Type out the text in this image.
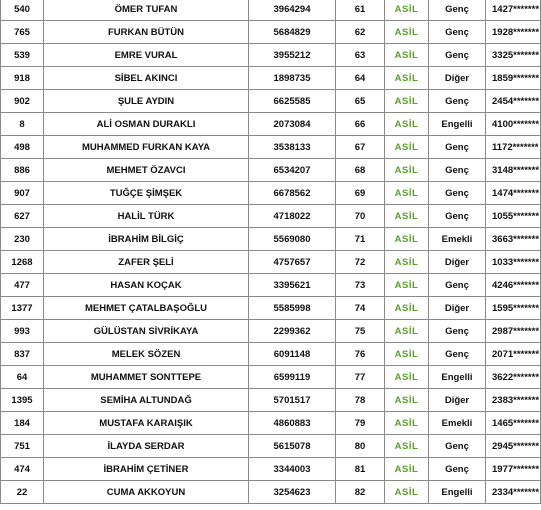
540	ÖMER TUFAN	3964294	61	ASİL	Genç	1427*******
765	FURKAN BÜTÜN	5684829	62	ASİL	Genç	1928*******
539	EMRE VURAL	3955212	63	ASİL	Genç	3325*******
918	SİBEL AKINCI	1898735	64	ASİL	Diğer	1859*******
902	ŞULE AYDIN	6625585	65	ASİL	Genç	2454*******
8	ALİ OSMAN DURAKLI	2073084	66	ASİL	Engelli	4100*******
498	MUHAMMED FURKAN KAYA	3538133	67	ASİL	Genç	1172*******
886	MEHMET ÖZAVCI	6534207	68	ASİL	Genç	3148*******
907	TUĞÇE ŞİMŞEK	6678562	69	ASİL	Genç	1474*******
627	HALİL TÜRK	4718022	70	ASİL	Genç	1055*******
230	İBRAHİM BİLGİÇ	5569080	71	ASİL	Emekli	3663*******
1268	ZAFER ŞELİ	4757657	72	ASİL	Diğer	1033*******
477	HASAN KOÇAK	3395621	73	ASİL	Genç	4246*******
1377	MEHMET ÇATALBAŞOĞLU	5585998	74	ASİL	Diğer	1595*******
993	GÜLÜSTAN SİVRİKAYA	2299362	75	ASİL	Genç	2987*******
837	MELEK SÖZEN	6091148	76	ASİL	Genç	2071*******
64	MUHAMMET SONTTEPE	6599119	77	ASİL	Engelli	3622*******
1395	SEMİHA ALTUNDAĞ	5701517	78	ASİL	Diğer	2383*******
184	MUSTAFA KARAIŞIK	4860883	79	ASİL	Emekli	1465*******
751	İLAYDA SERDAR	5615078	80	ASİL	Genç	2945*******
474	İBRAHİM ÇETİNER	3344003	81	ASİL	Genç	1977*******
22	CUMA AKKOYUN	3254623	82	ASİL	Engelli	2334*******
